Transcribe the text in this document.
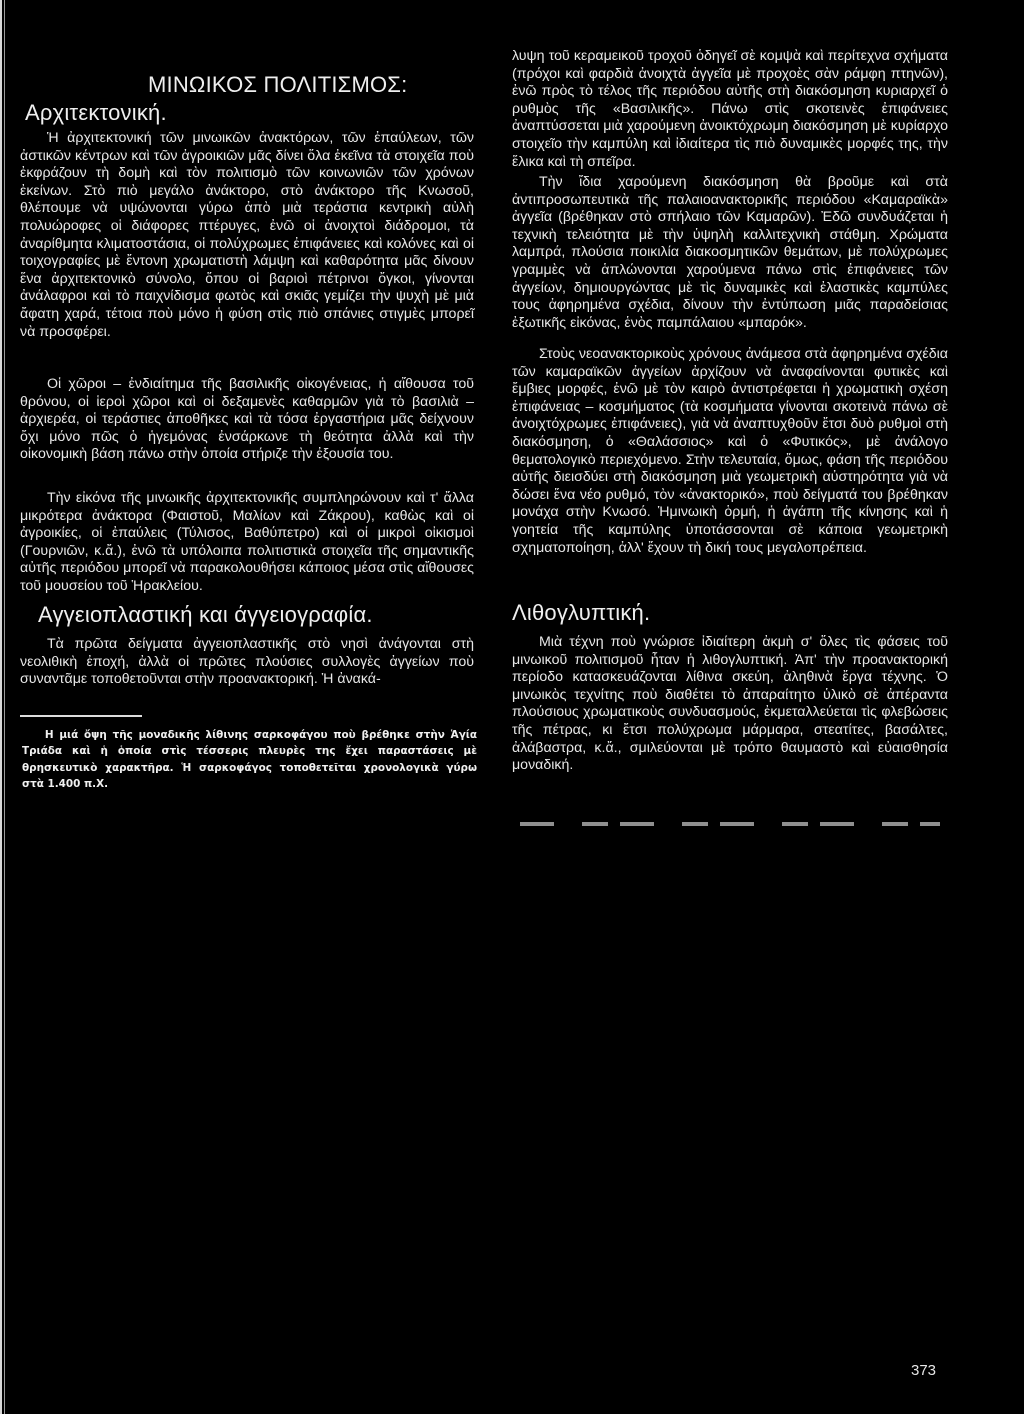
ΜΙΝΩΙΚΟΣ ΠΟΛΙΤΙΣΜΟΣ:
Αρχιτεκτονική.

Ἡ ἀρχιτεκτονική τῶν μινωικῶν ἀνακτόρων, τῶν ἐπαύλεων, τῶν ἀστικῶν κέντρων καὶ τῶν ἀγροικιῶν μᾶς δίνει ὅλα ἐκεῖνα τὰ στοιχεῖα ποὺ ἐκφράζουν τὴ δομὴ καὶ τὸν πολιτισμὸ τῶν κοινωνιῶν τῶν χρόνων ἐκείνων. Στὸ πιὸ μεγάλο ἀνάκτορο, στὸ ἀνάκτορο τῆς Κνωσοῦ, θλέπουμε νὰ υψώνονται γύρω ἀπὸ μιὰ τεράστια κεντρικὴ αὐλὴ πολυώροφες οἱ διάφορες πτέρυγες, ἐνῶ οἱ ἀνοιχτοὶ διάδρομοι, τὰ ἀναρίθμητα κλιματοστάσια, οἱ πολύχρωμες ἐπιφάνειες καὶ κολόνες καὶ οἱ τοιχογραφίες μὲ ἔντονη χρωματιστὴ λάμψη καὶ καθαρότητα μᾶς δίνουν ἕνα ἀρχιτεκτονικὸ σύνολο, ὅπου οἱ βαριοὶ πέτρινοι ὄγκοι, γίνονται ἀνάλαφροι καὶ τὸ παιχνίδισμα φωτὸς καὶ σκιᾶς γεμίζει τὴν ψυχὴ μὲ μιὰ ἄφατη χαρά, τέτοια ποὺ μόνο ἡ φύση στὶς πιὸ σπάνιες στιγμὲς μπορεῖ νὰ προσφέρει.

Οἱ χῶροι – ἐνδιαίτημα τῆς βασιλικῆς οἰκογένειας, ἡ αἴθουσα τοῦ θρόνου, οἱ ἱεροὶ χῶροι καὶ οἱ δεξαμενὲς καθαρμῶν γιὰ τὸ βασιλιὰ – ἀρχιερέα, οἱ τεράστιες ἀποθῆκες καὶ τὰ τόσα ἐργαστήρια μᾶς δείχνουν ὄχι μόνο πῶς ὁ ἡγεμόνας ἐνσάρκωνε τὴ θεότητα ἀλλὰ καὶ τὴν οἰκονομικὴ βάση πάνω στὴν ὁποία στήριζε τὴν ἐξουσία του.

Τὴν εἰκόνα τῆς μινωικῆς ἀρχιτεκτονικῆς συμπληρώνουν καὶ τ' ἄλλα μικρότερα ἀνάκτορα (Φαιστοῦ, Μαλίων καὶ Ζάκρου), καθὼς καὶ οἱ ἀγροικίες, οἱ ἐπαύλεις (Τύλισος, Βαθύπετρο) καὶ οἱ μικροὶ οἰκισμοὶ (Γουρνιῶν, κ.ἄ.), ἐνῶ τὰ υπόλοιπα πολιτιστικὰ στοιχεῖα τῆς σημαντικῆς αὐτῆς περιόδου μπορεῖ νὰ παρακολουθήσει κάποιος μέσα στὶς αἴθουσες τοῦ μουσείου τοῦ Ἡρακλείου.

Αγγειοπλαστική και άγγειογραφία.

Τὰ πρῶτα δείγματα ἀγγειοπλαστικῆς στὸ νησὶ ἀνάγονται στὴ νεολιθικὴ ἐποχή, ἀλλὰ οἱ πρῶτες πλούσιες συλλογὲς ἀγγείων ποὺ συναντᾶμε τοποθετοῦνται στὴν προανακτορική. Ἡ ἀνακά-

Η μιά ὄψη τῆς μοναδικῆς λίθινης σαρκοφάγου ποὺ βρέθηκε στὴν Ἁγία Τριάδα καὶ ἡ ὁποία στὶς τέσσερις πλευρὲς της ἔχει παραστάσεις μὲ θρησκευτικὸ χαρακτῆρα. Ἡ σαρκοφάγος τοποθετεῖται χρονολογικὰ γύρω στὰ 1.400 π.Χ.

λυψη τοῦ κεραμεικοῦ τροχοῦ ὁδηγεῖ σὲ κομψὰ καὶ περίτεχνα σχήματα (πρόχοι καὶ φαρδιὰ ἀνοιχτὰ ἀγγεῖα μὲ προχοὲς σὰν ράμφη πτηνῶν), ἐνῶ πρὸς τὸ τέλος τῆς περιόδου αὐτῆς στὴ διακόσμηση κυριαρχεῖ ὁ ρυθμὸς τῆς «Βασιλικῆς». Πάνω στὶς σκοτεινὲς ἐπιφάνειες ἀναπτύσσεται μιὰ χαρούμενη ἀνοικτόχρωμη διακόσμηση μὲ κυρίαρχο στοιχεῖο τὴν καμπύλη καὶ ἰδιαίτερα τὶς πιὸ δυναμικὲς μορφές της, τὴν ἕλικα καὶ τὴ σπεῖρα.

Τὴν ἴδια χαρούμενη διακόσμηση θὰ βροῦμε καὶ στὰ ἀντιπροσωπευτικὰ τῆς παλαιοανακτορικῆς περιόδου «Καμαραϊκὰ» ἀγγεῖα (βρέθηκαν στὸ σπήλαιο τῶν Καμαρῶν). Ἐδῶ συνδυάζεται ἡ τεχνικὴ τελειότητα μὲ τὴν ὑψηλὴ καλλιτεχνικὴ στάθμη. Χρώματα λαμπρά, πλούσια ποικιλία διακοσμητικῶν θεμάτων, μὲ πολύχρωμες γραμμὲς νὰ ἁπλώνονται χαρούμενα πάνω στὶς ἐπιφάνειες τῶν ἀγγείων, δημιουργώντας μὲ τὶς δυναμικὲς καὶ ἐλαστικὲς καμπύλες τους ἀφηρημένα σχέδια, δίνουν τὴν ἐντύπωση μιᾶς παραδείσιας ἐξωτικῆς εἰκόνας, ἑνὸς παμπάλαιου «μπαρόκ».

Στοὺς νεοανακτορικοὺς χρόνους ἀνάμεσα στὰ ἀφηρημένα σχέδια τῶν καμαραϊκῶν ἀγγείων ἀρχίζουν νὰ ἀναφαίνονται φυτικὲς καὶ ἔμβιες μορφές, ἐνῶ μὲ τὸν καιρὸ ἀντιστρέφεται ἡ χρωματικὴ σχέση ἐπιφάνειας – κοσμήματος (τὰ κοσμήματα γίνονται σκοτεινὰ πάνω σὲ ἀνοιχτόχρωμες ἐπιφάνειες), γιὰ νὰ ἀναπτυχθοῦν ἔτσι δυὸ ρυθμοὶ στὴ διακόσμηση, ὁ «Θαλάσσιος» καὶ ὁ «Φυτικός», μὲ ἀνάλογο θεματολογικὸ περιεχόμενο. Στὴν τελευταία, ὅμως, φάση τῆς περιόδου αὐτῆς διεισδύει στὴ διακόσμηση μιὰ γεωμετρικὴ αὐστηρότητα γιὰ νὰ δώσει ἕνα νέο ρυθμό, τὸν «ἀνακτορικό», ποὺ δείγματά του βρέθηκαν μονάχα στὴν Κνωσό. Ἡμινωικὴ ὁρμή, ἡ ἀγάπη τῆς κίνησης καὶ ἡ γοητεία τῆς καμπύλης ὑποτάσσονται σὲ κάποια γεωμετρικὴ σχηματοποίηση, ἀλλ' ἔχουν τὴ δική τους μεγαλοπρέπεια.

Λιθογλυπτική.

Μιὰ τέχνη ποὺ γνώρισε ἰδιαίτερη ἀκμὴ σ' ὅλες τὶς φάσεις τοῦ μινωικοῦ πολιτισμοῦ ἦταν ἡ λιθογλυπτική. Ἀπ' τὴν προανακτορική περίοδο κατασκευάζονται λίθινα σκεύη, ἀληθινὰ ἔργα τέχνης. Ὁ μινωικὸς τεχνίτης ποὺ διαθέτει τὸ ἀπαραίτητο ὑλικὸ σὲ ἀπέραντα πλούσιους χρωματικοὺς συνδυασμούς, ἐκμεταλλεύεται τὶς φλεβώσεις τῆς πέτρας, κι ἔτσι πολύχρωμα μάρμαρα, στεατίτες, βασάλτες, ἀλάβαστρα, κ.ἄ., σμιλεύονται μὲ τρόπο θαυμαστὸ καὶ εὐαισθησία μοναδική.

373
